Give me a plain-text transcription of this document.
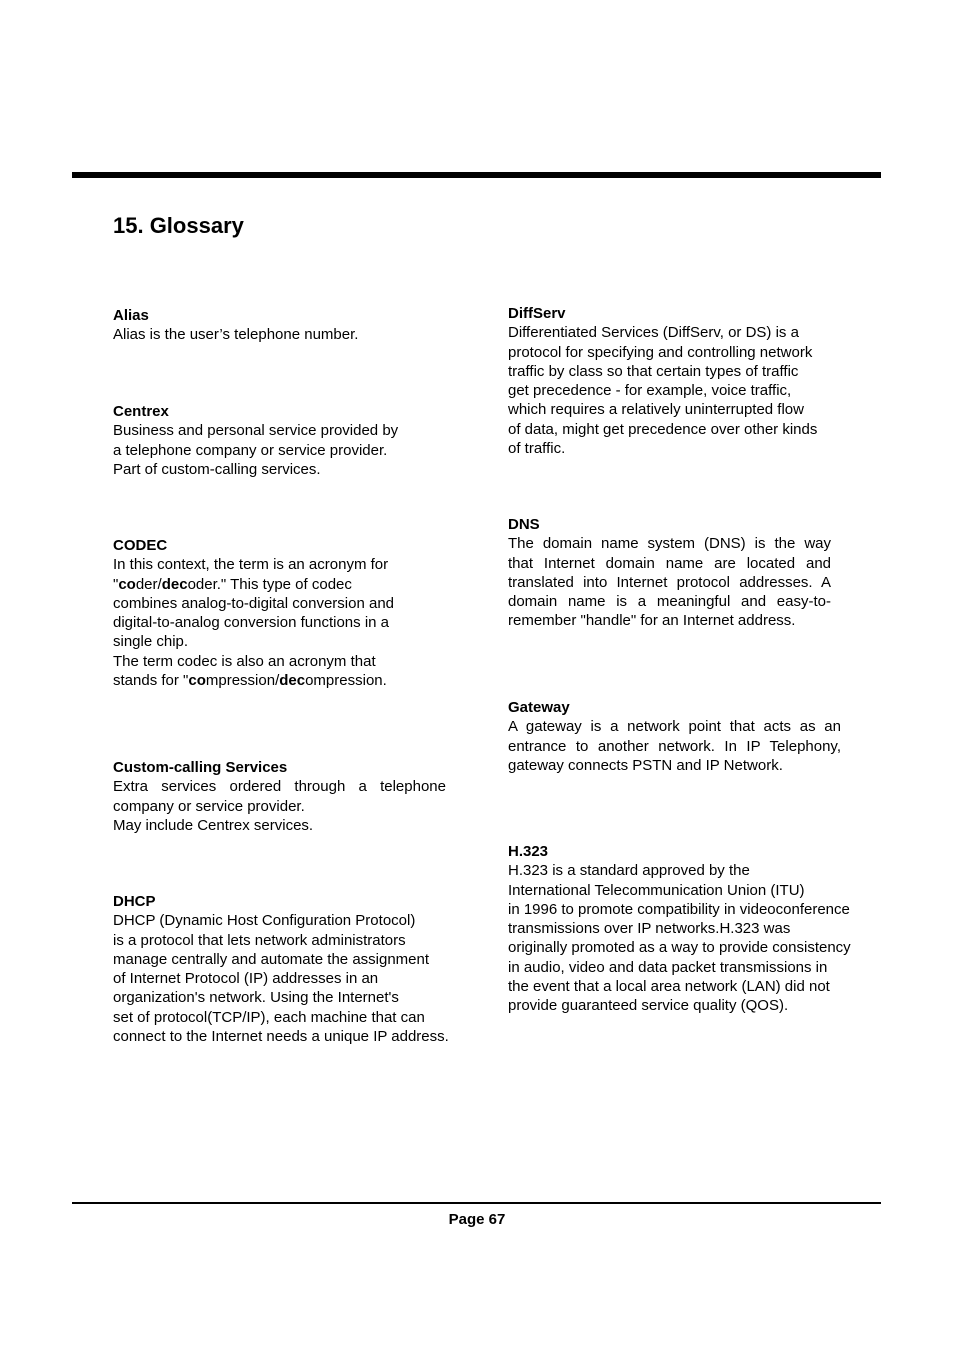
15. Glossary
Alias
Alias is the user’s telephone number.
Centrex
Business and personal service provided by
a telephone company or service provider.
Part of custom-calling services.
CODEC
In this context, the term is an acronym for
"coder/decoder." This type of codec
combines analog-to-digital conversion and
digital-to-analog conversion functions in a
single chip.
The term codec is also an acronym that
stands for "compression/decompression.
Custom-calling Services
Extra services ordered through a telephone
company or service provider.
May include Centrex services.
DHCP
DHCP (Dynamic Host Configuration Protocol)
is a protocol that lets network administrators
manage centrally and automate the assignment
of Internet Protocol (IP) addresses in an
organization's network. Using the Internet's
set of protocol(TCP/IP), each machine that can
connect to the Internet needs a unique IP address.
DiffServ
Differentiated Services (DiffServ, or DS) is a
protocol for specifying and controlling network
traffic by class so that certain types of traffic
get precedence - for example, voice traffic,
which requires a relatively uninterrupted flow
of data, might get precedence over other kinds
of traffic.
DNS
The domain name system (DNS) is the way
that Internet domain name are located and
translated into Internet protocol addresses. A
domain name is a meaningful and easy-to-
remember "handle" for an Internet address.
Gateway
A gateway is a network point that acts as an
entrance to another network. In IP Telephony,
gateway connects PSTN and IP Network.
H.323
H.323 is a standard approved by the
International Telecommunication Union (ITU)
in 1996 to promote compatibility in videoconference
transmissions over IP networks.H.323 was
originally promoted as a way to provide consistency
in audio, video and data packet transmissions in
the event that a local area network (LAN) did not
provide guaranteed service quality (QOS).
Page 67
